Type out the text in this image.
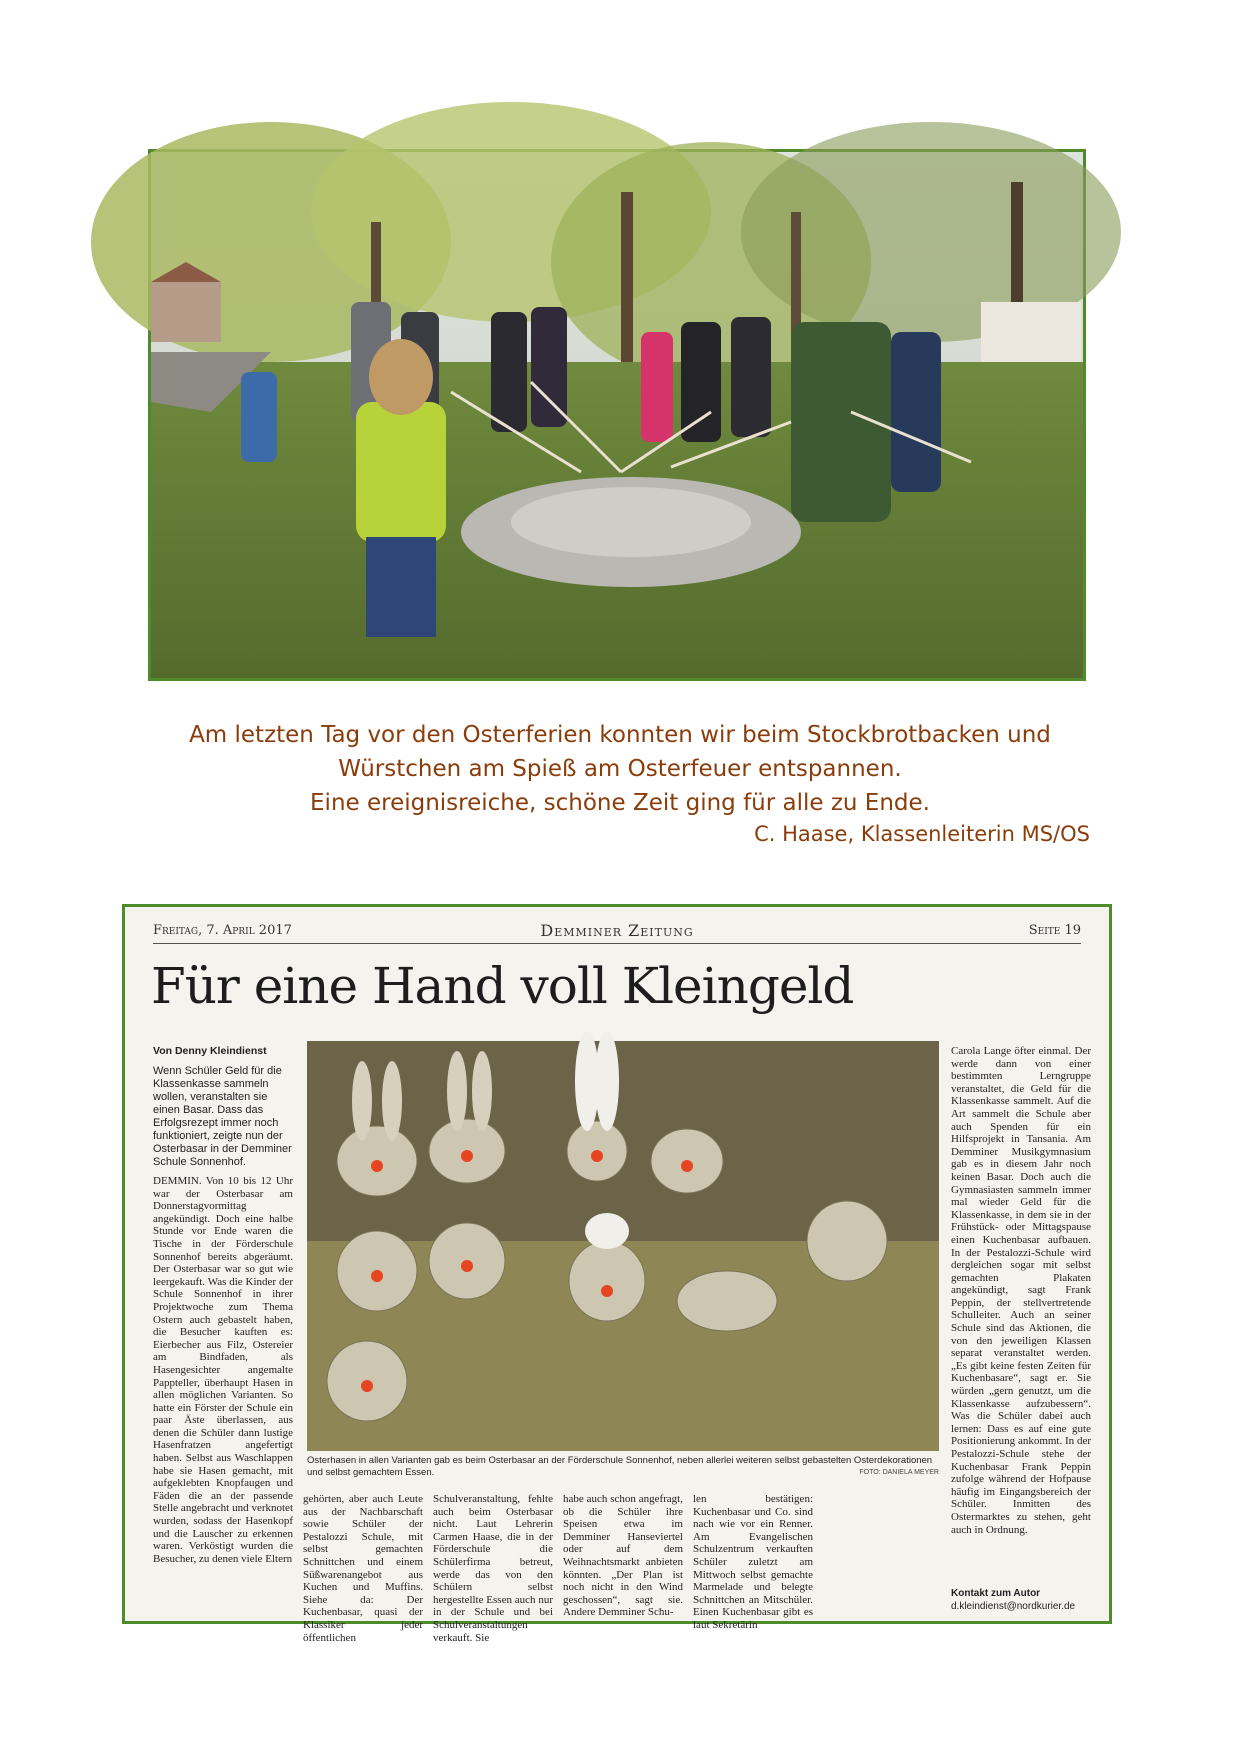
Am letzten Tag vor den Osterferien konnten wir beim Stockbrotbacken und
Würstchen am Spieß am Osterfeuer entspannen.
Eine ereignisreiche, schöne Zeit ging für alle zu Ende.
C. Haase, Klassenleiterin MS/OS
Freitag, 7. April 2017	Demminer Zeitung	Seite 19
Für eine Hand voll Kleingeld
Von Denny Kleindienst
Wenn Schüler Geld für die Klassenkasse sammeln wollen, veranstalten sie einen Basar. Dass das Erfolgsrezept immer noch funktioniert, zeigte nun der Osterbasar in der Demminer Schule Sonnenhof.
DEMMIN. Von 10 bis 12 Uhr war der Osterbasar am Donnerstagvormittag angekündigt. Doch eine halbe Stunde vor Ende waren die Tische in der Förderschule Sonnenhof bereits abgeräumt. Der Osterbasar war so gut wie leergekauft. Was die Kinder der Schule Sonnenhof in ihrer Projektwoche zum Thema Ostern auch gebastelt haben, die Besucher kauften es: Eierbecher aus Filz, Ostereier am Bindfaden, als Hasengesichter angemalte Pappteller, überhaupt Hasen in allen möglichen Varianten. So hatte ein Förster der Schule ein paar Äste überlassen, aus denen die Schüler dann lustige Hasenfratzen angefertigt haben. Selbst aus Waschlappen habe sie Hasen gemacht, mit aufgeklebten Knopfaugen und Fäden die an der passende Stelle angebracht und verknotet wurden, sodass der Hasenkopf und die Lauscher zu erkennen waren. Verköstigt wurden die Besucher, zu denen viele Eltern
Osterhasen in allen Varianten gab es beim Osterbasar an der Förderschule Sonnenhof, neben allerlei weiteren selbst gebastelten Osterdekorationen und selbst gemachtem Essen.	FOTO: DANIELA MEYER
gehörten, aber auch Leute aus der Nachbarschaft sowie Schüler der Pestalozzi Schule, mit selbst gemachten Schnittchen und einem Süßwarenangebot aus Kuchen und Muffins. Siehe da: Der Kuchenbasar, quasi der Klassiker jeder öffentlichen
Schulveranstaltung, fehlte auch beim Osterbasar nicht. Laut Lehrerin Carmen Haase, die in der Förderschule die Schülerfirma betreut, werde das von den Schülern selbst hergestellte Essen auch nur in der Schule und bei Schulveranstaltungen verkauft. Sie
habe auch schon angefragt, ob die Schüler ihre Speisen etwa im Demminer Hanseviertel oder auf dem Weihnachtsmarkt anbieten könnten. „Der Plan ist noch nicht in den Wind geschossen“, sagt sie. Andere Demminer Schu-
len bestätigen: Kuchenbasar und Co. sind nach wie vor ein Renner. Am Evangelischen Schulzentrum verkauften Schüler zuletzt am Mittwoch selbst gemachte Marmelade und belegte Schnittchen an Mitschüler. Einen Kuchenbasar gibt es laut Sekretärin
Carola Lange öfter einmal. Der werde dann von einer bestimmten Lerngruppe veranstaltet, die Geld für die Klassenkasse sammelt. Auf die Art sammelt die Schule aber auch Spenden für ein Hilfsprojekt in Tansania. Am Demminer Musikgymnasium gab es in diesem Jahr noch keinen Basar. Doch auch die Gymnasiasten sammeln immer mal wieder Geld für die Klassenkasse, in dem sie in der Frühstück- oder Mittagspause einen Kuchenbasar aufbauen. In der Pestalozzi-Schule wird dergleichen sogar mit selbst gemachten Plakaten angekündigt, sagt Frank Peppin, der stellvertretende Schulleiter. Auch an seiner Schule sind das Aktionen, die von den jeweiligen Klassen separat veranstaltet werden. „Es gibt keine festen Zeiten für Kuchenbasare“, sagt er. Sie würden „gern genutzt, um die Klassenkasse aufzubessern“. Was die Schüler dabei auch lernen: Dass es auf eine gute Positionierung ankommt. In der Pestalozzi-Schule stehe der Kuchenbasar Frank Peppin zufolge während der Hofpause häufig im Eingangsbereich der Schüler. Inmitten des Ostermarktes zu stehen, geht auch in Ordnung.
Kontakt zum Autor
d.kleindienst@nordkurier.de
